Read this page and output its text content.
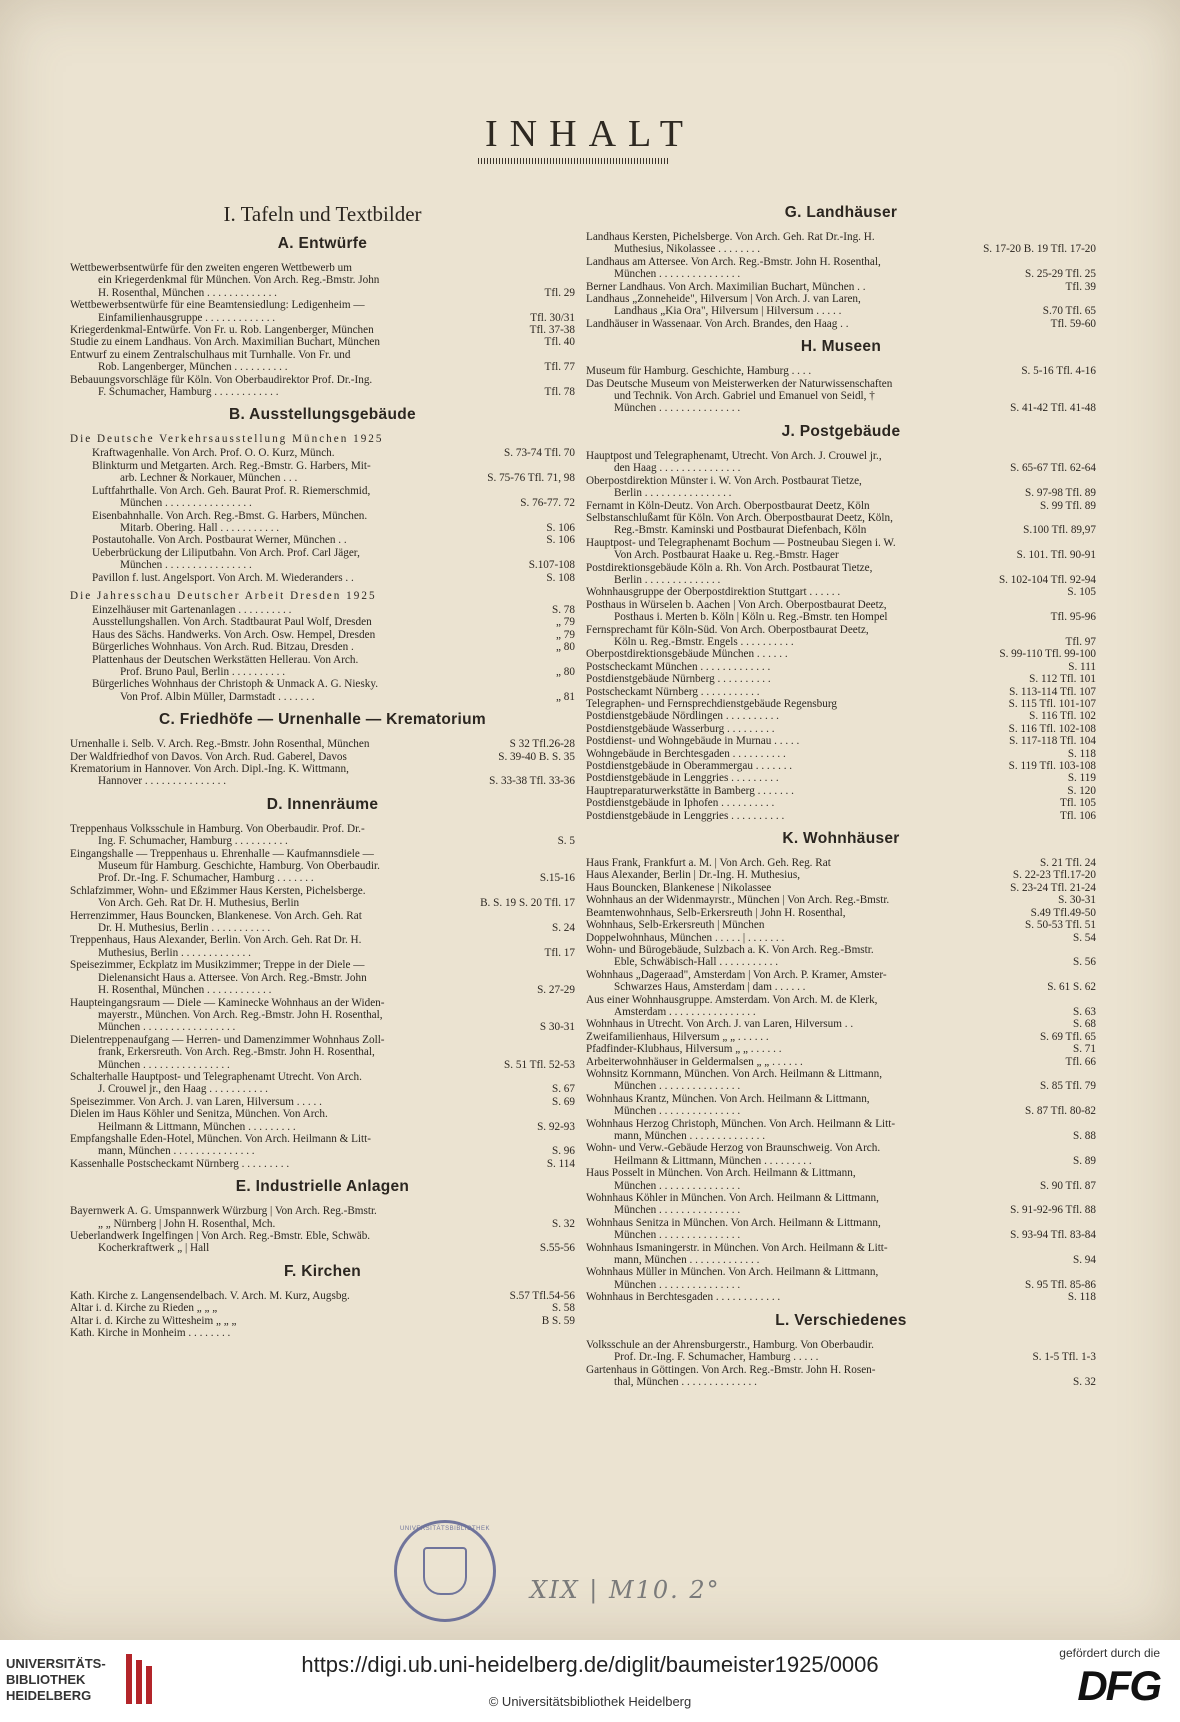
INHALT
I. Tafeln und Textbilder
A. Entwürfe
Wettbewerbsentwürfe für den zweiten engeren Wettbewerb um
ein Kriegerdenkmal für München. Von Arch. Reg.-Bmstr. John
H. Rosenthal, München . . . . . . . . . . . . .	Tfl. 29
Wettbewerbsentwürfe für eine Beamtensiedlung: Ledigenheim —
Einfamilienhausgruppe . . . . . . . . . . . . .	Tfl. 30/31
Kriegerdenkmal-Entwürfe. Von Fr. u. Rob. Langenberger, München	Tfl. 37-38
Studie zu einem Landhaus. Von Arch. Maximilian Buchart, München	Tfl. 40
Entwurf zu einem Zentralschulhaus mit Turnhalle. Von Fr. und
Rob. Langenberger, München . . . . . . . . . .	Tfl. 77
Bebauungsvorschläge für Köln. Von Oberbaudirektor Prof. Dr.-Ing.
F. Schumacher, Hamburg . . . . . . . . . . . .	Tfl. 78
B. Ausstellungsgebäude
Die Deutsche Verkehrsausstellung München 1925
Kraftwagenhalle. Von Arch. Prof. O. O. Kurz, Münch.	S. 73-74 Tfl. 70
Blinkturm und Metgarten. Arch. Reg.-Bmstr. G. Harbers, Mit-
arb. Lechner & Norkauer, München . . .	S. 75-76 Tfl. 71, 98
Luftfahrthalle. Von Arch. Geh. Baurat Prof. R. Riemerschmid,
München . . . . . . . . . . . . . . . .	S. 76-77. 72
Eisenbahnhalle. Von Arch. Reg.-Bmst. G. Harbers, München.
Mitarb. Obering. Hall . . . . . . . . . . .	S. 106
Postautohalle. Von Arch. Postbaurat Werner, München . .	S. 106
Ueberbrückung der Liliputbahn. Von Arch. Prof. Carl Jäger,
München . . . . . . . . . . . . . . . .	S.107-108
Pavillon f. lust. Angelsport. Von Arch. M. Wiederanders . .	S. 108
Die Jahresschau Deutscher Arbeit Dresden 1925
Einzelhäuser mit Gartenanlagen . . . . . . . . . .	S. 78
Ausstellungshallen. Von Arch. Stadtbaurat Paul Wolf, Dresden	„ 79
Haus des Sächs. Handwerks. Von Arch. Osw. Hempel, Dresden	„ 79
Bürgerliches Wohnhaus. Von Arch. Rud. Bitzau, Dresden .	„ 80
Plattenhaus der Deutschen Werkstätten Hellerau. Von Arch.
Prof. Bruno Paul, Berlin . . . . . . . . . .	„ 80
Bürgerliches Wohnhaus der Christoph & Unmack A. G. Niesky.
Von Prof. Albin Müller, Darmstadt . . . . . . .	„ 81
C. Friedhöfe — Urnenhalle — Krematorium
Urnenhalle i. Selb. V. Arch. Reg.-Bmstr. John Rosenthal, München	S 32 Tfl.26-28
Der Waldfriedhof von Davos. Von Arch. Rud. Gaberel, Davos	S. 39-40 B. S. 35
Krematorium in Hannover. Von Arch. Dipl.-Ing. K. Wittmann,
Hannover . . . . . . . . . . . . . . .	S. 33-38 Tfl. 33-36
D. Innenräume
Treppenhaus Volksschule in Hamburg. Von Oberbaudir. Prof. Dr.-
Ing. F. Schumacher, Hamburg . . . . . . . . . .	S. 5
Eingangshalle — Treppenhaus u. Ehrenhalle — Kaufmannsdiele —
Museum für Hamburg. Geschichte, Hamburg. Von Oberbaudir.
Prof. Dr.-Ing. F. Schumacher, Hamburg . . . . . . .	S.15-16
Schlafzimmer, Wohn- und Eßzimmer Haus Kersten, Pichelsberge.
Von Arch. Geh. Rat Dr. H. Muthesius, Berlin	B. S. 19 S. 20 Tfl. 17
Herrenzimmer, Haus Bouncken, Blankenese. Von Arch. Geh. Rat
Dr. H. Muthesius, Berlin . . . . . . . . . . .	S. 24
Treppenhaus, Haus Alexander, Berlin. Von Arch. Geh. Rat Dr. H.
Muthesius, Berlin . . . . . . . . . . . . .	Tfl. 17
Speisezimmer, Eckplatz im Musikzimmer; Treppe in der Diele —
Dielenansicht Haus a. Attersee. Von Arch. Reg.-Bmstr. John
H. Rosenthal, München . . . . . . . . . . . .	S. 27-29
Haupteingangsraum — Diele — Kaminecke Wohnhaus an der Widen-
mayerstr., München. Von Arch. Reg.-Bmstr. John H. Rosenthal,
München . . . . . . . . . . . . . . . . .	S 30-31
Dielentreppenaufgang — Herren- und Damenzimmer Wohnhaus Zoll-
frank, Erkersreuth. Von Arch. Reg.-Bmstr. John H. Rosenthal,
München . . . . . . . . . . . . . . . .	S. 51 Tfl. 52-53
Schalterhalle Hauptpost- und Telegraphenamt Utrecht. Von Arch.
J. Crouwel jr., den Haag . . . . . . . . . . .	S. 67
Speisezimmer. Von Arch. J. van Laren, Hilversum . . . . .	S. 69
Dielen im Haus Köhler und Senitza, München. Von Arch.
Heilmann & Littmann, München . . . . . . . . .	S. 92-93
Empfangshalle Eden-Hotel, München. Von Arch. Heilmann & Litt-
mann, München . . . . . . . . . . . . . . .	S. 96
Kassenhalle Postscheckamt Nürnberg . . . . . . . . .	S. 114
E. Industrielle Anlagen
Bayernwerk A. G. Umspannwerk Würzburg | Von Arch. Reg.-Bmstr.
„ „ Nürnberg | John H. Rosenthal, Mch.	S. 32
Ueberlandwerk Ingelfingen | Von Arch. Reg.-Bmstr. Eble, Schwäb.
Kocherkraftwerk „ | Hall	S.55-56
F. Kirchen
Kath. Kirche z. Langensendelbach. V. Arch. M. Kurz, Augsbg.	S.57 Tfl.54-56
Altar i. d. Kirche zu Rieden „ „ „	S. 58
Altar i. d. Kirche zu Wittesheim „ „ „	B S. 59
Kath. Kirche in Monheim . . . . . . . .
G. Landhäuser
Landhaus Kersten, Pichelsberge. Von Arch. Geh. Rat Dr.-Ing. H.
Muthesius, Nikolassee . . . . . . . .	S. 17-20 B. 19 Tfl. 17-20
Landhaus am Attersee. Von Arch. Reg.-Bmstr. John H. Rosenthal,
München . . . . . . . . . . . . . . .	S. 25-29 Tfl. 25
Berner Landhaus. Von Arch. Maximilian Buchart, München . .	Tfl. 39
Landhaus „Zonneheide", Hilversum | Von Arch. J. van Laren,
Landhaus „Kia Ora", Hilversum | Hilversum . . . . .	S.70 Tfl. 65
Landhäuser in Wassenaar. Von Arch. Brandes, den Haag . .	Tfl. 59-60
H. Museen
Museum für Hamburg. Geschichte, Hamburg . . . .	S. 5-16 Tfl. 4-16
Das Deutsche Museum von Meisterwerken der Naturwissenschaften
und Technik. Von Arch. Gabriel und Emanuel von Seidl, †
München . . . . . . . . . . . . . . .	S. 41-42 Tfl. 41-48
J. Postgebäude
Hauptpost und Telegraphenamt, Utrecht. Von Arch. J. Crouwel jr.,
den Haag . . . . . . . . . . . . . . .	S. 65-67 Tfl. 62-64
Oberpostdirektion Münster i. W. Von Arch. Postbaurat Tietze,
Berlin . . . . . . . . . . . . . . . .	S. 97-98 Tfl. 89
Fernamt in Köln-Deutz. Von Arch. Oberpostbaurat Deetz, Köln	S. 99 Tfl. 89
Selbstanschlußamt für Köln. Von Arch. Oberpostbaurat Deetz, Köln,
Reg.-Bmstr. Kaminski und Postbaurat Diefenbach, Köln	S.100 Tfl. 89,97
Hauptpost- und Telegraphenamt Bochum — Postneubau Siegen i. W.
Von Arch. Postbaurat Haake u. Reg.-Bmstr. Hager	S. 101. Tfl. 90-91
Postdirektionsgebäude Köln a. Rh. Von Arch. Postbaurat Tietze,
Berlin . . . . . . . . . . . . . .	S. 102-104 Tfl. 92-94
Wohnhausgruppe der Oberpostdirektion Stuttgart . . . . . .	S. 105
Posthaus in Würselen b. Aachen | Von Arch. Oberpostbaurat Deetz,
Posthaus i. Merten b. Köln | Köln u. Reg.-Bmstr. ten Hompel	Tfl. 95-96
Fernsprechamt für Köln-Süd. Von Arch. Oberpostbaurat Deetz,
Köln u. Reg.-Bmstr. Engels . . . . . . . . . .	Tfl. 97
Oberpostdirektionsgebäude München . . . . . .	S. 99-110 Tfl. 99-100
Postscheckamt München . . . . . . . . . . . . .	S. 111
Postdienstgebäude Nürnberg . . . . . . . . . .	S. 112 Tfl. 101
Postscheckamt Nürnberg . . . . . . . . . . .	S. 113-114 Tfl. 107
Telegraphen- und Fernsprechdienstgebäude Regensburg	S. 115 Tfl. 101-107
Postdienstgebäude Nördlingen . . . . . . . . . .	S. 116 Tfl. 102
Postdienstgebäude Wasserburg . . . . . . . . .	S. 116 Tfl. 102-108
Postdienst- und Wohngebäude in Murnau . . . . .	S. 117-118 Tfl. 104
Wohngebäude in Berchtesgaden . . . . . . . . . .	S. 118
Postdienstgebäude in Oberammergau . . . . . . .	S. 119 Tfl. 103-108
Postdienstgebäude in Lenggries . . . . . . . . .	S. 119
Hauptreparaturwerkstätte in Bamberg . . . . . . .	S. 120
Postdienstgebäude in Iphofen . . . . . . . . . .	Tfl. 105
Postdienstgebäude in Lenggries . . . . . . . . . .	Tfl. 106
K. Wohnhäuser
Haus Frank, Frankfurt a. M. | Von Arch. Geh. Reg. Rat	S. 21 Tfl. 24
Haus Alexander, Berlin | Dr.-Ing. H. Muthesius,	S. 22-23 Tfl.17-20
Haus Bouncken, Blankenese | Nikolassee	S. 23-24 Tfl. 21-24
Wohnhaus an der Widenmayrstr., München | Von Arch. Reg.-Bmstr.	S. 30-31
Beamtenwohnhaus, Selb-Erkersreuth | John H. Rosenthal,	S.49 Tfl.49-50
Wohnhaus, Selb-Erkersreuth | München	S. 50-53 Tfl. 51
Doppelwohnhaus, München . . . . . | . . . . . . .	S. 54
Wohn- und Bürogebäude, Sulzbach a. K. Von Arch. Reg.-Bmstr.
Eble, Schwäbisch-Hall . . . . . . . . . . .	S. 56
Wohnhaus „Dageraad", Amsterdam | Von Arch. P. Kramer, Amster-
Schwarzes Haus, Amsterdam | dam . . . . . .	S. 61 S. 62
Aus einer Wohnhausgruppe. Amsterdam. Von Arch. M. de Klerk,
Amsterdam . . . . . . . . . . . . . . . .	S. 63
Wohnhaus in Utrecht. Von Arch. J. van Laren, Hilversum . .	S. 68
Zweifamilienhaus, Hilversum „ „ . . . . . .	S. 69 Tfl. 65
Pfadfinder-Klubhaus, Hilversum „ „ . . . . . .	S. 71
Arbeiterwohnhäuser in Geldermalsen „ „ . . . . . .	Tfl. 66
Wohnsitz Kornmann, München. Von Arch. Heilmann & Littmann,
München . . . . . . . . . . . . . . .	S. 85 Tfl. 79
Wohnhaus Krantz, München. Von Arch. Heilmann & Littmann,
München . . . . . . . . . . . . . . .	S. 87 Tfl. 80-82
Wohnhaus Herzog Christoph, München. Von Arch. Heilmann & Litt-
mann, München . . . . . . . . . . . . . .	S. 88
Wohn- und Verw.-Gebäude Herzog von Braunschweig. Von Arch.
Heilmann & Littmann, München . . . . . . . . .	S. 89
Haus Posselt in München. Von Arch. Heilmann & Littmann,
München . . . . . . . . . . . . . . .	S. 90 Tfl. 87
Wohnhaus Köhler in München. Von Arch. Heilmann & Littmann,
München . . . . . . . . . . . . . . .	S. 91-92-96 Tfl. 88
Wohnhaus Senitza in München. Von Arch. Heilmann & Littmann,
München . . . . . . . . . . . . . . .	S. 93-94 Tfl. 83-84
Wohnhaus Ismaningerstr. in München. Von Arch. Heilmann & Litt-
mann, München . . . . . . . . . . . . .	S. 94
Wohnhaus Müller in München. Von Arch. Heilmann & Littmann,
München . . . . . . . . . . . . . . .	S. 95 Tfl. 85-86
Wohnhaus in Berchtesgaden . . . . . . . . . . . .	S. 118
L. Verschiedenes
Volksschule an der Ahrensburgerstr., Hamburg. Von Oberbaudir.
Prof. Dr.-Ing. F. Schumacher, Hamburg . . . . .	S. 1-5 Tfl. 1-3
Gartenhaus in Göttingen. Von Arch. Reg.-Bmstr. John H. Rosen-
thal, München . . . . . . . . . . . . . .	S. 32
UNIVERSITÄTSBIBLIOTHEK
XIX | M10. 2°
UNIVERSITÄTS-
BIBLIOTHEK
HEIDELBERG
https://digi.ub.uni-heidelberg.de/diglit/baumeister1925/0006
© Universitätsbibliothek Heidelberg
gefördert durch die
DFG
